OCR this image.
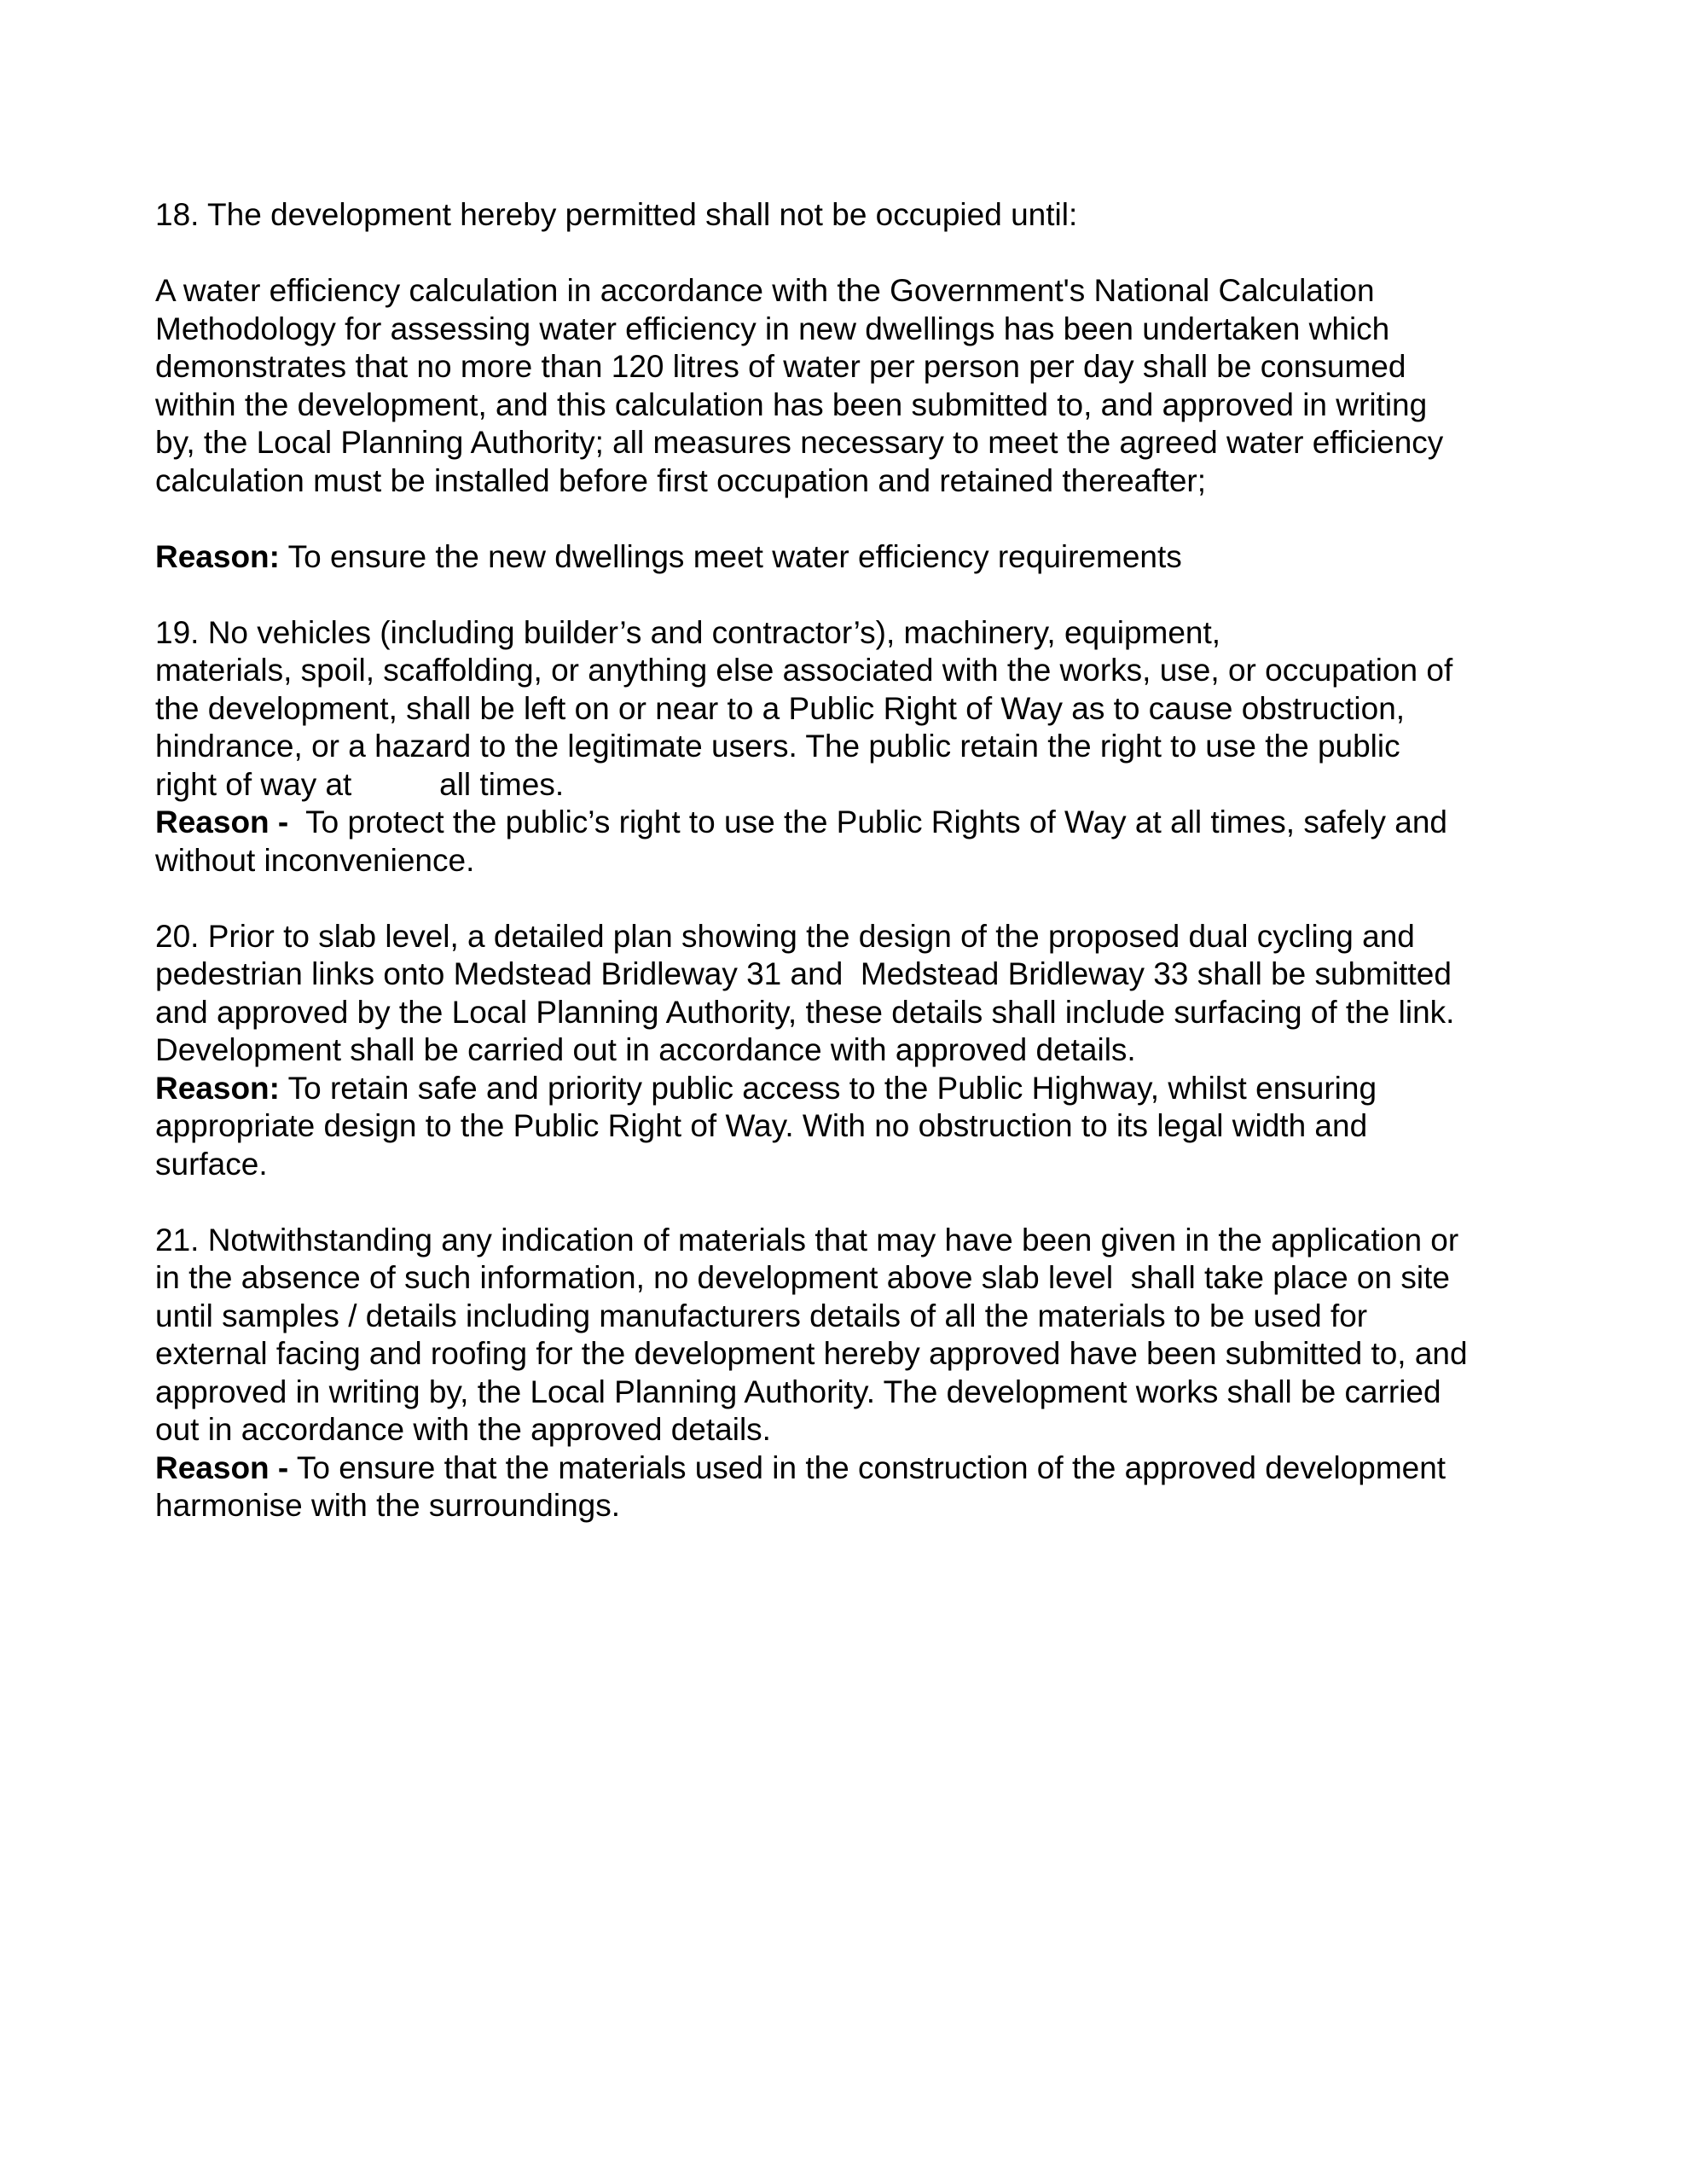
18. The development hereby permitted shall not be occupied until:
A water efficiency calculation in accordance with the Government's National Calculation
Methodology for assessing water efficiency in new dwellings has been undertaken which
demonstrates that no more than 120 litres of water per person per day shall be consumed
within the development, and this calculation has been submitted to, and approved in writing
by, the Local Planning Authority; all measures necessary to meet the agreed water efficiency
calculation must be installed before first occupation and retained thereafter;
Reason: To ensure the new dwellings meet water efficiency requirements
19. No vehicles (including builder’s and contractor’s), machinery, equipment,
materials, spoil, scaffolding, or anything else associated with the works, use, or occupation of
the development, shall be left on or near to a Public Right of Way as to cause obstruction,
hindrance, or a hazard to the legitimate users. The public retain the right to use the public
right of way at          all times.
Reason -  To protect the public’s right to use the Public Rights of Way at all times, safely and
without inconvenience.
20. Prior to slab level, a detailed plan showing the design of the proposed dual cycling and
pedestrian links onto Medstead Bridleway 31 and  Medstead Bridleway 33 shall be submitted
and approved by the Local Planning Authority, these details shall include surfacing of the link.
Development shall be carried out in accordance with approved details.
Reason: To retain safe and priority public access to the Public Highway, whilst ensuring
appropriate design to the Public Right of Way. With no obstruction to its legal width and
surface.
21. Notwithstanding any indication of materials that may have been given in the application or
in the absence of such information, no development above slab level  shall take place on site
until samples / details including manufacturers details of all the materials to be used for
external facing and roofing for the development hereby approved have been submitted to, and
approved in writing by, the Local Planning Authority. The development works shall be carried
out in accordance with the approved details.
Reason - To ensure that the materials used in the construction of the approved development
harmonise with the surroundings.
